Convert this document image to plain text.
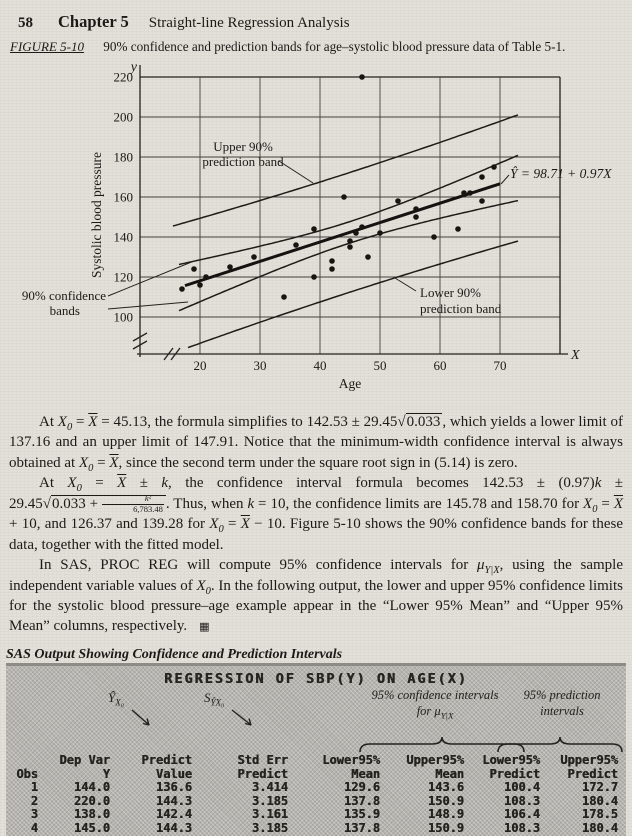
58 Chapter 5 Straight-line Regression Analysis
FIGURE 5-10 90% confidence and prediction bands for age–systolic blood pressure data of Table 5-1.
100
120
140
160
180
200
220
20	30	40	50	60	70
Upper 90%
prediction band
Lower 90%
prediction band
90% confidence
bands
Ŷ = 98.71 + 0.97X
y
X
Age
Systolic blood pressure

At $X_0 = \overline{X} = 45.13$, the formula simplifies to 142.53 ± 29.45√0.033 , which yields a lower limit of 137.16 and an upper limit of 147.91. Notice that the minimum-width confidence interval is always obtained at $X_0 = \overline{X}$, since the second term under the square root sign in (5.14) is zero.

At $X_0 = \overline{X} \pm k$, the confidence interval formula becomes $142.53 \pm (0.97)k \pm 29.45√0.033 + \frac{\text{k²}}{6,783.48}$ . Thus, when k = 10, the confidence limits are 145.78 and 158.70 for $X_0 = \overline{X} + 10$, and 126.37 and 139.28 for $X_0 = \overline{X} - 10$. Figure 5-10 shows the 90% confidence bands for these data, together with the fitted model.

In SAS, PROC REG will compute 95% confidence intervals for $\mu_{Y|X}$, using the sample independent variable values of $X_0$. In the following output, the lower and upper 95% confidence limits for the systolic blood pressure–age example appear in the “Lower 95% Mean” and “Upper 95% Mean” columns, respectively. ▦

SAS Output Showing Confidence and Prediction Intervals
REGRESSION OF SBP(Y) ON AGE(X)
$Ŷ_{X_0}$	$S_{ŶX_0}$
95% confidence intervals
for $\mu_{Y|X}$
95% prediction
intervals
	Dep Var	Predict	Std Err	Lower95%	Upper95%	Lower95%	Upper95%
Obs	Y	Value	Predict	Mean	Mean	Predict	Predict
1	144.0	136.6	3.414	129.6	143.6	100.4	172.7
2	220.0	144.3	3.185	137.8	150.9	108.3	180.4
3	138.0	142.4	3.161	135.9	148.9	106.4	178.5
4	145.0	144.3	3.185	137.8	150.9	108.3	180.4
